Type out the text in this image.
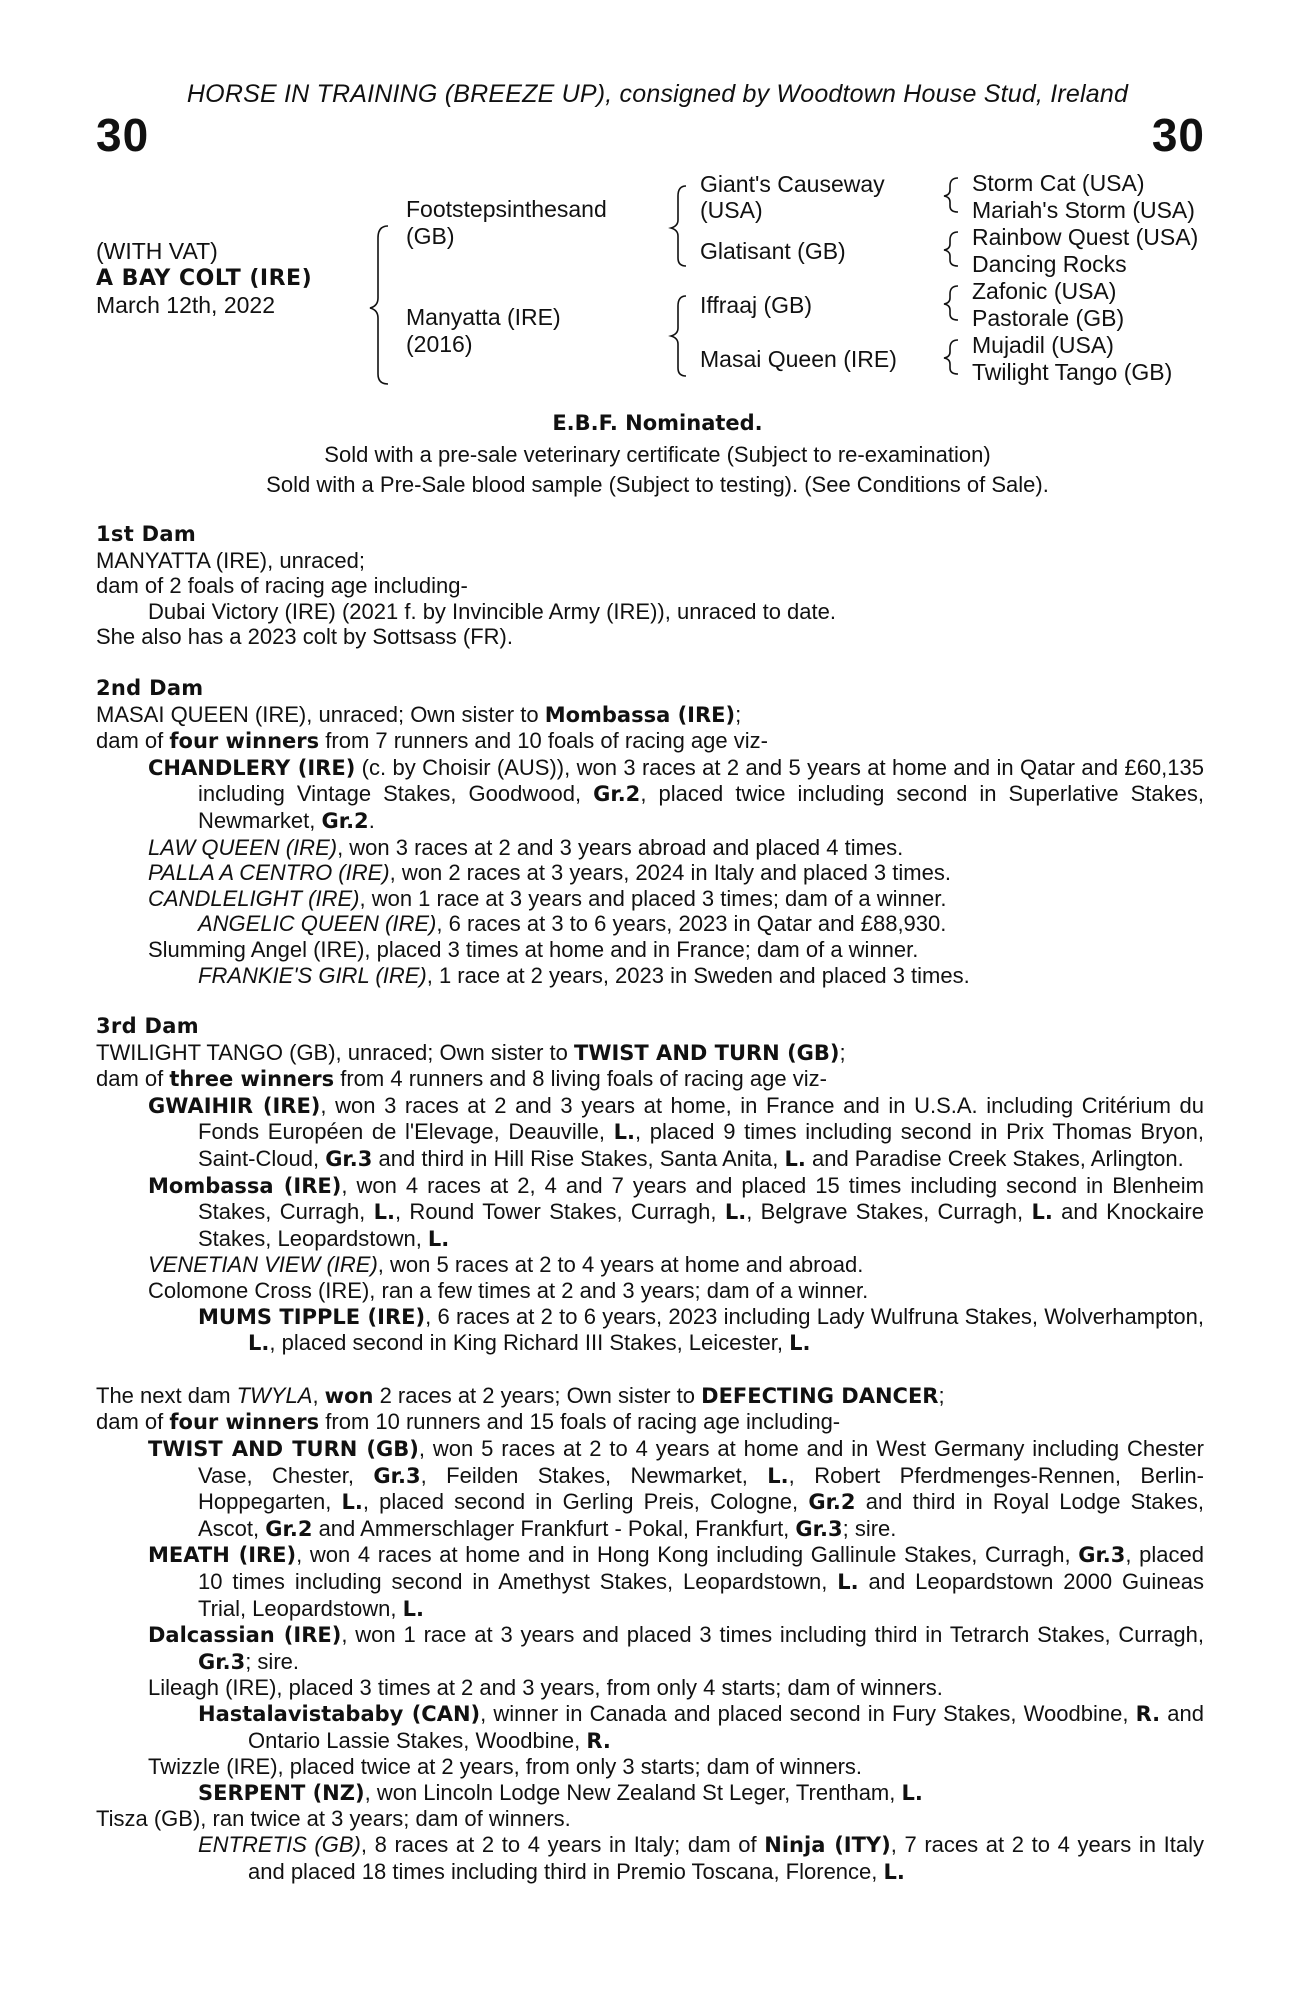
HORSE IN TRAINING (BREEZE UP), consigned by Woodtown House Stud, Ireland
30	30
(WITH VAT)
A BAY COLT (IRE)
March 12th, 2022
Footstepsinthesand
(GB)
Manyatta (IRE)
(2016)
Giant's Causeway
(USA)
Glatisant (GB)
Iffraaj (GB)
Masai Queen (IRE)
Storm Cat (USA)
Mariah's Storm (USA)
Rainbow Quest (USA)
Dancing Rocks
Zafonic (USA)
Pastorale (GB)
Mujadil (USA)
Twilight Tango (GB)
E.B.F. Nominated.
Sold with a pre-sale veterinary certificate (Subject to re-examination)
Sold with a Pre-Sale blood sample (Subject to testing). (See Conditions of Sale).
1st Dam
MANYATTA (IRE), unraced;
dam of 2 foals of racing age including-
Dubai Victory (IRE) (2021 f. by Invincible Army (IRE)), unraced to date.
She also has a 2023 colt by Sottsass (FR).
2nd Dam
MASAI QUEEN (IRE), unraced; Own sister to Mombassa (IRE);
dam of four winners from 7 runners and 10 foals of racing age viz-
CHANDLERY (IRE) (c. by Choisir (AUS)), won 3 races at 2 and 5 years at home and in Qatar and £60,135 including Vintage Stakes, Goodwood, Gr.2, placed twice including second in Superlative Stakes, Newmarket, Gr.2.
LAW QUEEN (IRE), won 3 races at 2 and 3 years abroad and placed 4 times.
PALLA A CENTRO (IRE), won 2 races at 3 years, 2024 in Italy and placed 3 times.
CANDLELIGHT (IRE), won 1 race at 3 years and placed 3 times; dam of a winner.
ANGELIC QUEEN (IRE), 6 races at 3 to 6 years, 2023 in Qatar and £88,930.
Slumming Angel (IRE), placed 3 times at home and in France; dam of a winner.
FRANKIE'S GIRL (IRE), 1 race at 2 years, 2023 in Sweden and placed 3 times.
3rd Dam
TWILIGHT TANGO (GB), unraced; Own sister to TWIST AND TURN (GB);
dam of three winners from 4 runners and 8 living foals of racing age viz-
GWAIHIR (IRE), won 3 races at 2 and 3 years at home, in France and in U.S.A. including Critérium du Fonds Européen de l'Elevage, Deauville, L., placed 9 times including second in Prix Thomas Bryon, Saint-Cloud, Gr.3 and third in Hill Rise Stakes, Santa Anita, L. and Paradise Creek Stakes, Arlington.
Mombassa (IRE), won 4 races at 2, 4 and 7 years and placed 15 times including second in Blenheim Stakes, Curragh, L., Round Tower Stakes, Curragh, L., Belgrave Stakes, Curragh, L. and Knockaire Stakes, Leopardstown, L.
VENETIAN VIEW (IRE), won 5 races at 2 to 4 years at home and abroad.
Colomone Cross (IRE), ran a few times at 2 and 3 years; dam of a winner.
MUMS TIPPLE (IRE), 6 races at 2 to 6 years, 2023 including Lady Wulfruna Stakes, Wolverhampton, L., placed second in King Richard III Stakes, Leicester, L.
The next dam TWYLA, won 2 races at 2 years; Own sister to DEFECTING DANCER;
dam of four winners from 10 runners and 15 foals of racing age including-
TWIST AND TURN (GB), won 5 races at 2 to 4 years at home and in West Germany including Chester Vase, Chester, Gr.3, Feilden Stakes, Newmarket, L., Robert Pferdmenges-Rennen, Berlin-Hoppegarten, L., placed second in Gerling Preis, Cologne, Gr.2 and third in Royal Lodge Stakes, Ascot, Gr.2 and Ammerschlager Frankfurt - Pokal, Frankfurt, Gr.3; sire.
MEATH (IRE), won 4 races at home and in Hong Kong including Gallinule Stakes, Curragh, Gr.3, placed 10 times including second in Amethyst Stakes, Leopardstown, L. and Leopardstown 2000 Guineas Trial, Leopardstown, L.
Dalcassian (IRE), won 1 race at 3 years and placed 3 times including third in Tetrarch Stakes, Curragh, Gr.3; sire.
Lileagh (IRE), placed 3 times at 2 and 3 years, from only 4 starts; dam of winners.
Hastalavistababy (CAN), winner in Canada and placed second in Fury Stakes, Woodbine, R. and Ontario Lassie Stakes, Woodbine, R.
Twizzle (IRE), placed twice at 2 years, from only 3 starts; dam of winners.
SERPENT (NZ), won Lincoln Lodge New Zealand St Leger, Trentham, L.
Tisza (GB), ran twice at 3 years; dam of winners.
ENTRETIS (GB), 8 races at 2 to 4 years in Italy; dam of Ninja (ITY), 7 races at 2 to 4 years in Italy and placed 18 times including third in Premio Toscana, Florence, L.
